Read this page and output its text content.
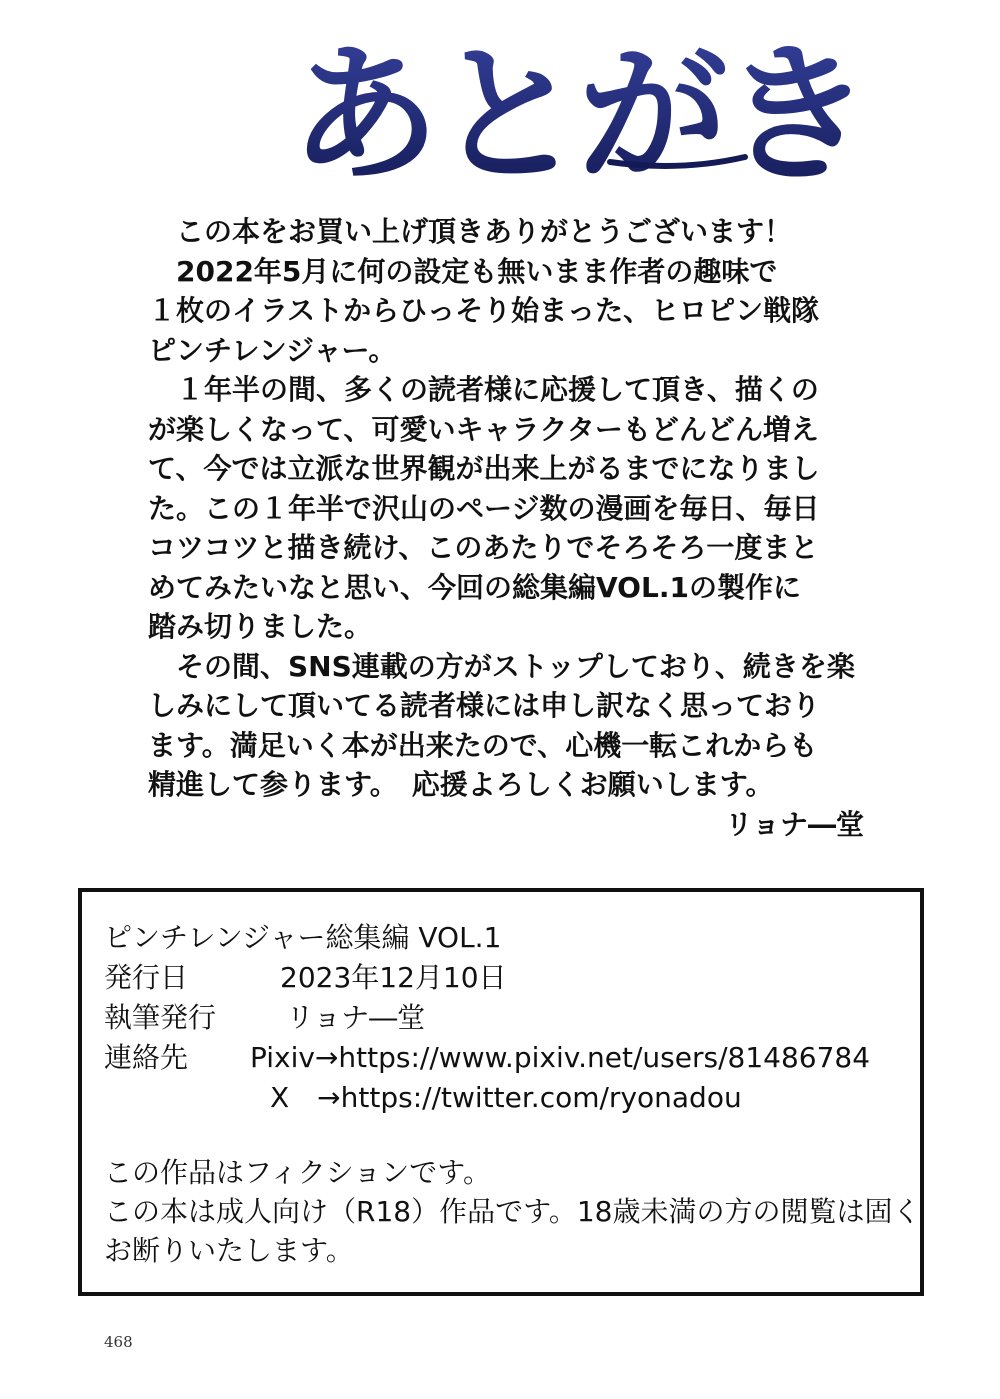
あとがき
　この本をお買い上げ頂きありがとうございます！
　2022年5月に何の設定も無いまま作者の趣味で
１枚のイラストからひっそり始まった、ヒロピン戦隊
ピンチレンジャー。
　１年半の間、多くの読者様に応援して頂き、描くの
が楽しくなって、可愛いキャラクターもどんどん増え
て、今では立派な世界観が出来上がるまでになりまし
た。この１年半で沢山のページ数の漫画を毎日、毎日
コツコツと描き続け、このあたりでそろそろ一度まと
めてみたいなと思い、今回の総集編VOL.1の製作に
踏み切りました。
　その間、SNS連載の方がストップしており、続きを楽
しみにして頂いてる読者様には申し訳なく思っており
ます。満足いく本が出来たので、心機一転これからも
精進して参ります。　応援よろしくお願いします。
リョナ―堂
ピンチレンジャー総集編 VOL.1
発行日	2023年12月10日
執筆発行 リョナ―堂
連絡先 Pixiv→https://www.pixiv.net/users/81486784
X　→https://twitter.com/ryonadou
この作品はフィクションです。
この本は成人向け（R18）作品です。18歳未満の方の閲覧は固く
お断りいたします。
468
